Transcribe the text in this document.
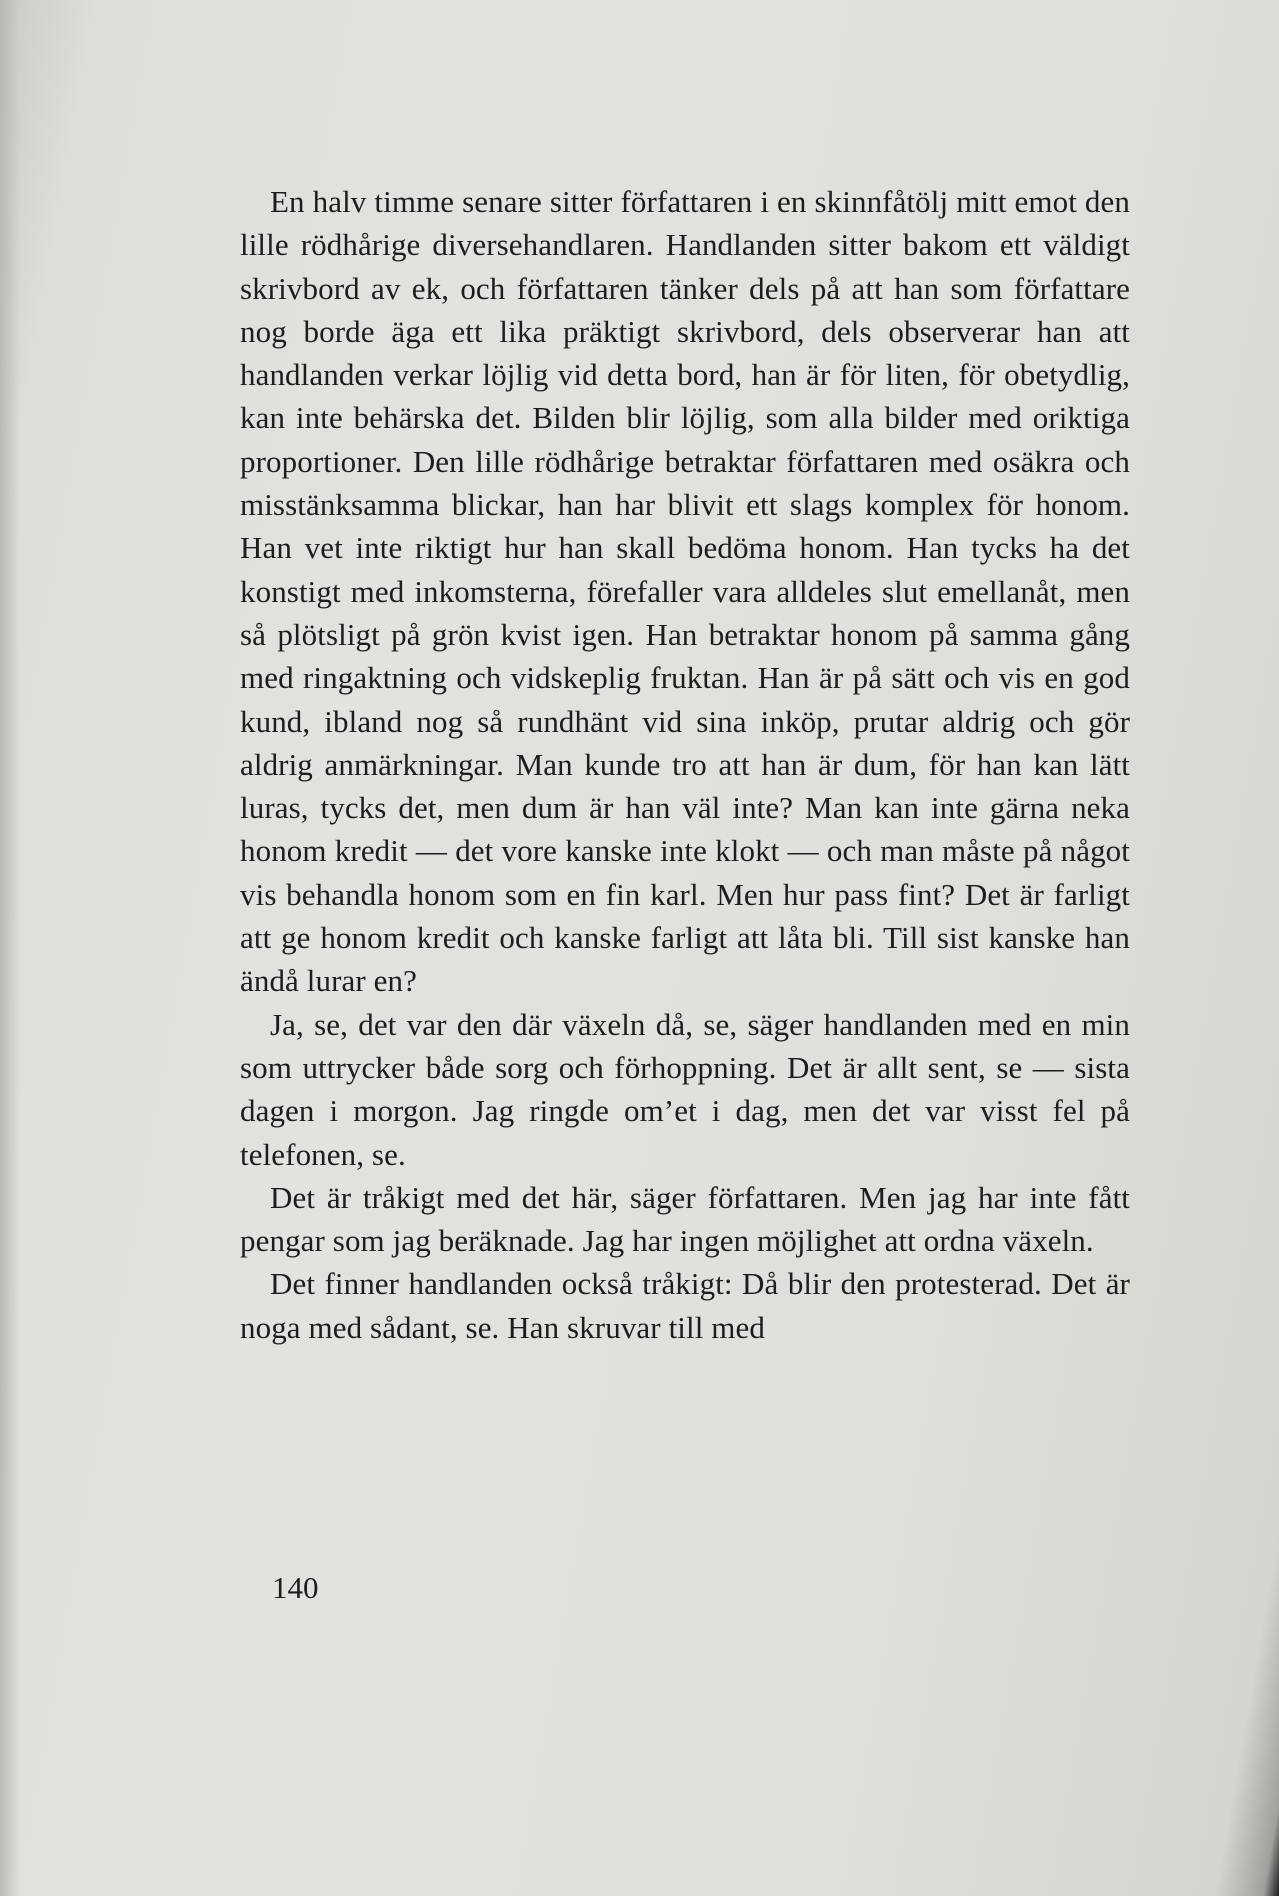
En halv timme senare sitter författaren i en skinnfåtölj mitt emot den lille rödhårige diversehandlaren. Handlanden sitter bakom ett väldigt skrivbord av ek, och författaren tänker dels på att han som författare nog borde äga ett lika präktigt skrivbord, dels observerar han att handlanden verkar löjlig vid detta bord, han är för liten, för obetydlig, kan inte behärska det. Bilden blir löjlig, som alla bilder med oriktiga proportioner. Den lille rödhårige betraktar författaren med osäkra och misstänksamma blickar, han har blivit ett slags komplex för honom. Han vet inte riktigt hur han skall bedöma honom. Han tycks ha det konstigt med inkomsterna, förefaller vara alldeles slut emellanåt, men så plötsligt på grön kvist igen. Han betraktar honom på samma gång med ringaktning och vidskeplig fruktan. Han är på sätt och vis en god kund, ibland nog så rundhänt vid sina inköp, prutar aldrig och gör aldrig anmärkningar. Man kunde tro att han är dum, för han kan lätt luras, tycks det, men dum är han väl inte? Man kan inte gärna neka honom kredit — det vore kanske inte klokt — och man måste på något vis behandla honom som en fin karl. Men hur pass fint? Det är farligt att ge honom kredit och kanske farligt att låta bli. Till sist kanske han ändå lurar en?

Ja, se, det var den där växeln då, se, säger handlanden med en min som uttrycker både sorg och förhoppning. Det är allt sent, se — sista dagen i morgon. Jag ringde om’et i dag, men det var visst fel på telefonen, se.

Det är tråkigt med det här, säger författaren. Men jag har inte fått pengar som jag beräknade. Jag har ingen möjlighet att ordna växeln.

Det finner handlanden också tråkigt: Då blir den protesterad. Det är noga med sådant, se. Han skruvar till med

140
